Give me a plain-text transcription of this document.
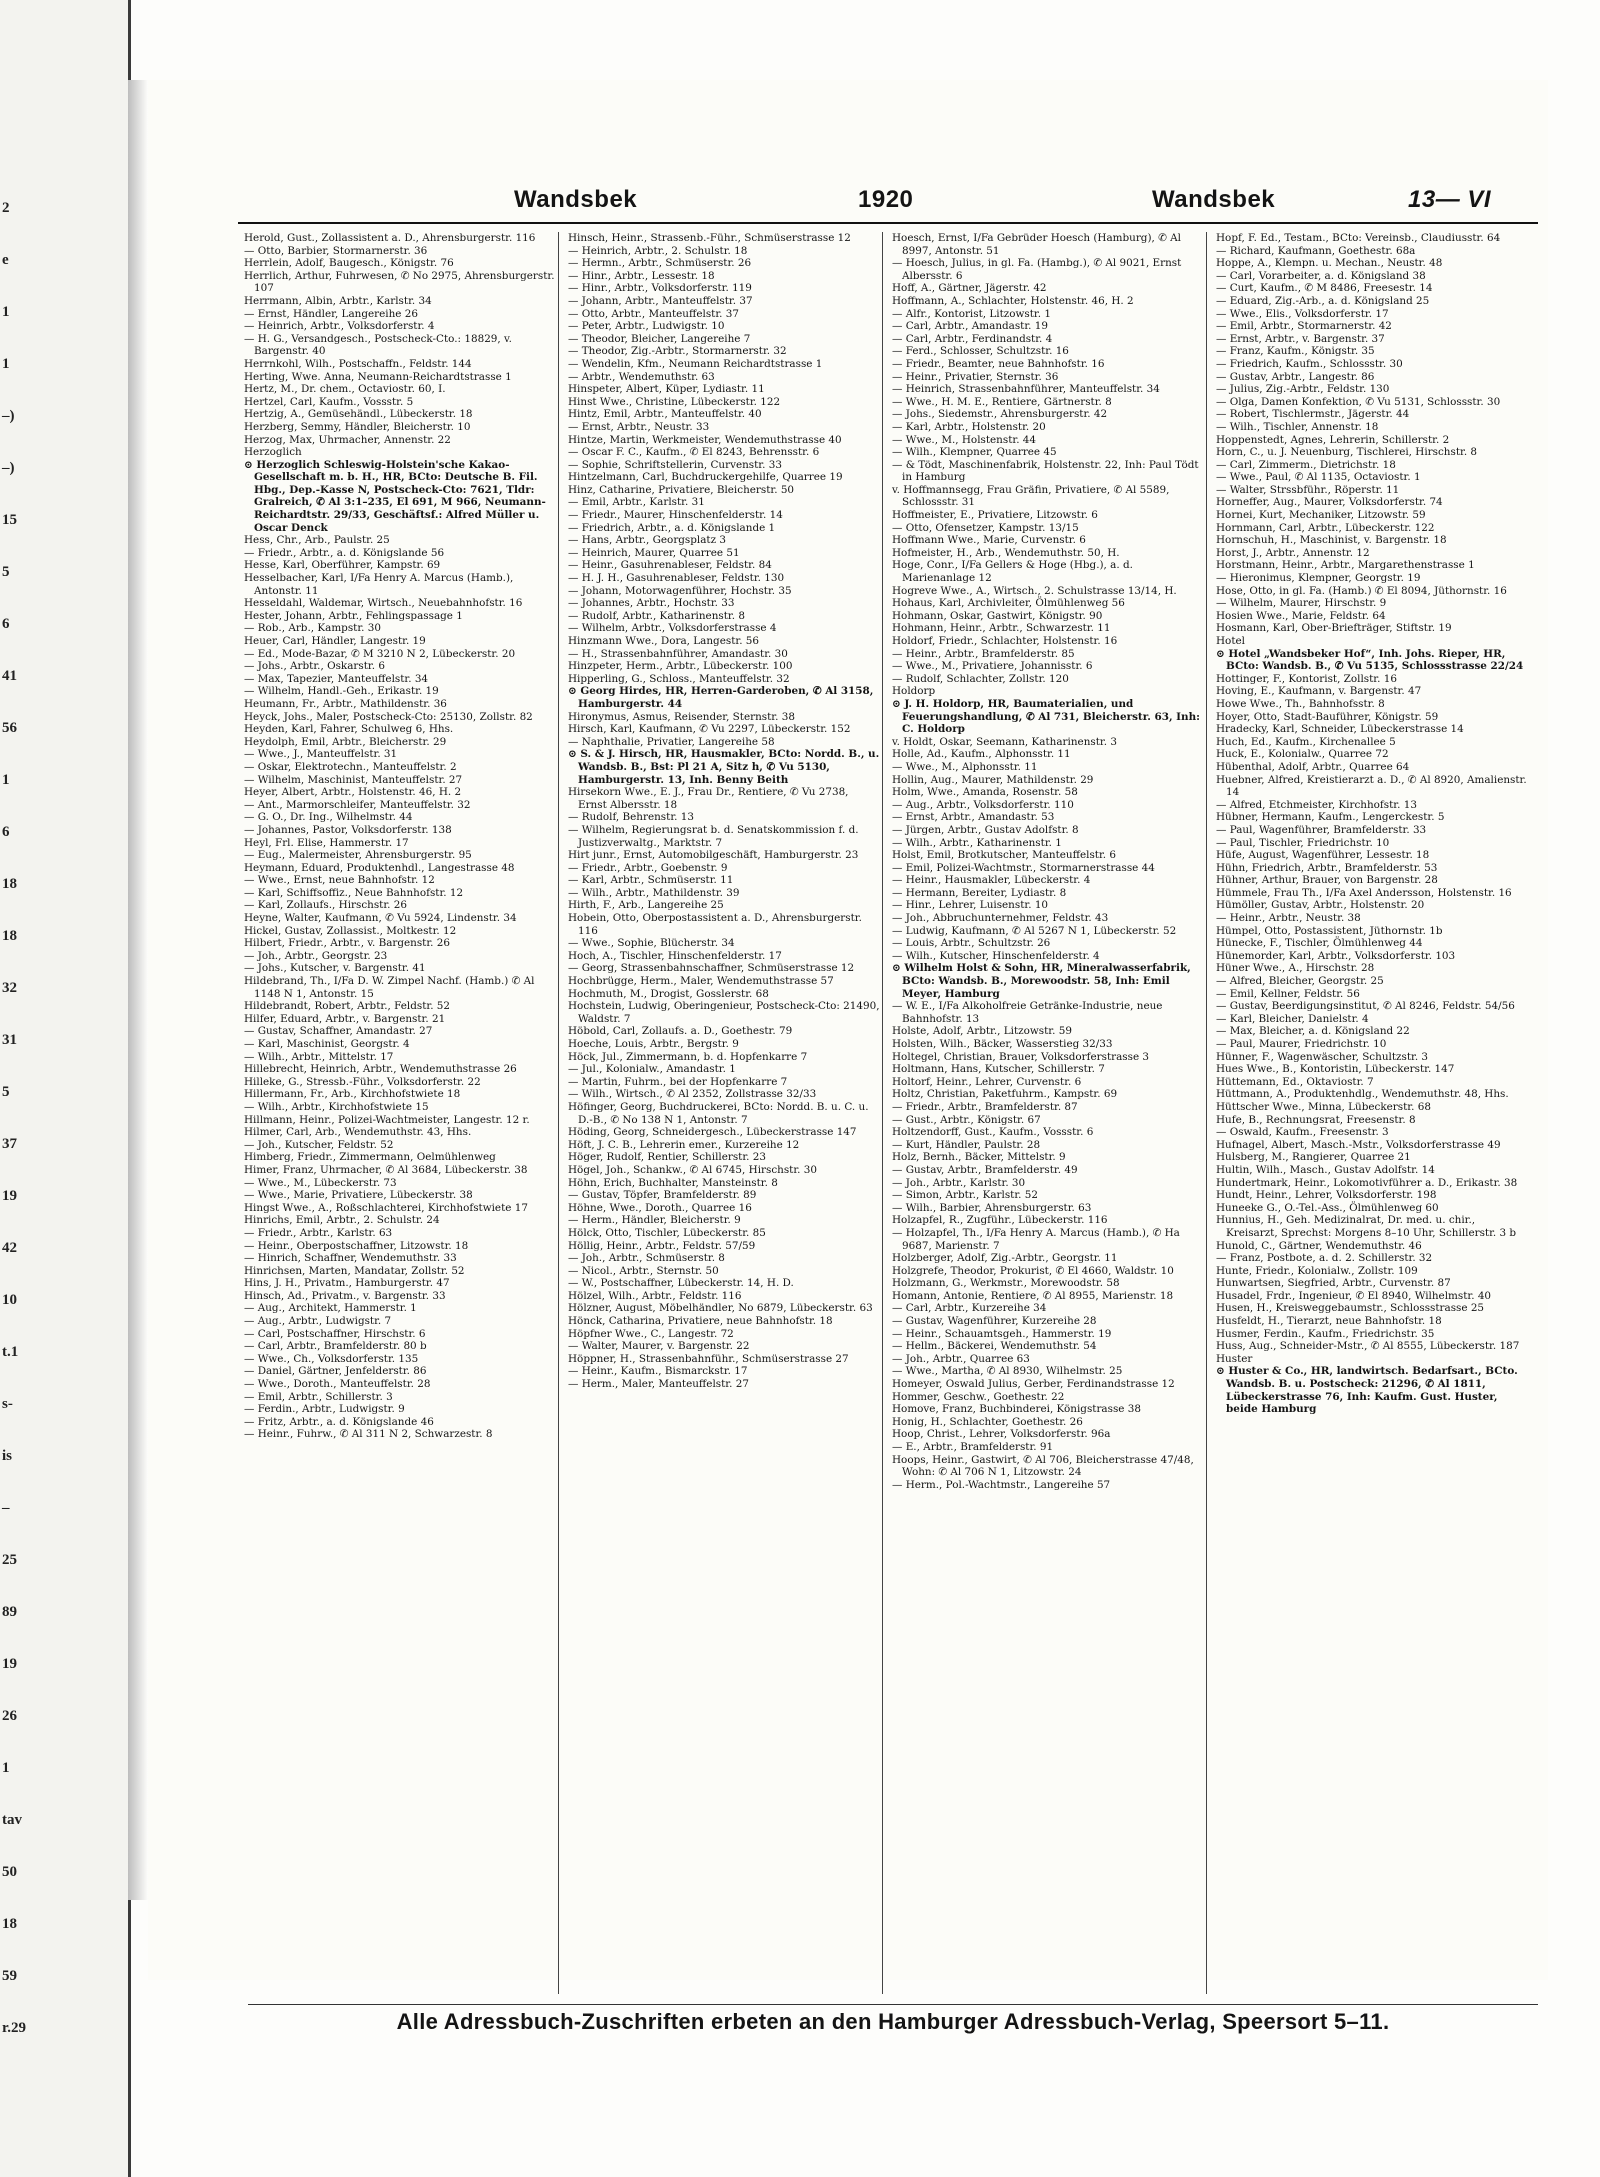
2
e
1
1
–)
–)
15
5
6
41
56
1
6
18
18
32
31
5
37
19
42
10
t.1
s-
is
–
25
89
19
26
1
tav
50
18
59
r.29
Wandsbek	1920	Wandsbek	13— VI
Herold, Gust., Zollassistent a. D., Ahrensburgerstr. 116
— Otto, Barbier, Stormarnerstr. 36
Herrlein, Adolf, Baugesch., Königstr. 76
Herrlich, Arthur, Fuhrwesen, ✆ No 2975, Ahrensburgerstr. 107
Herrmann, Albin, Arbtr., Karlstr. 34
— Ernst, Händler, Langereihe 26
— Heinrich, Arbtr., Volksdorferstr. 4
— H. G., Versandgesch., Postscheck-Cto.: 18829, v. Bargenstr. 40
Herrnkohl, Wilh., Postschaffn., Feldstr. 144
Herting, Wwe. Anna, Neumann-Reichardtstrasse 1
Hertz, M., Dr. chem., Octaviostr. 60, I.
Hertzel, Carl, Kaufm., Vossstr. 5
Hertzig, A., Gemüsehändl., Lübeckerstr. 18
Herzberg, Semmy, Händler, Bleicherstr. 10
Herzog, Max, Uhrmacher, Annenstr. 22
Herzoglich
⊙ Herzoglich Schleswig-Holstein'sche Kakao-Gesellschaft m. b. H., HR, BCto: Deutsche B. Fil. Hbg., Dep.-Kasse N, Postscheck-Cto: 7621, Tldr: Gralreich, ✆ Al 3:1–235, El 691, M 966, Neumann-Reichardtstr. 29/33, Geschäftsf.: Alfred Müller u. Oscar Denck
Hess, Chr., Arb., Paulstr. 25
— Friedr., Arbtr., a. d. Königslande 56
Hesse, Karl, Oberführer, Kampstr. 69
Hesselbacher, Karl, I/Fa Henry A. Marcus (Hamb.), Antonstr. 11
Hesseldahl, Waldemar, Wirtsch., Neuebahnhofstr. 16
Hester, Johann, Arbtr., Fehlingspassage 1
— Rob., Arb., Kampstr. 30
Heuer, Carl, Händler, Langestr. 19
— Ed., Mode-Bazar, ✆ M 3210 N 2, Lübeckerstr. 20
— Johs., Arbtr., Oskarstr. 6
— Max, Tapezier, Manteuffelstr. 34
— Wilhelm, Handl.-Geh., Erikastr. 19
Heumann, Fr., Arbtr., Mathildenstr. 36
Heyck, Johs., Maler, Postscheck-Cto: 25130, Zollstr. 82
Heyden, Karl, Fahrer, Schulweg 6, Hhs.
Heydolph, Emil, Arbtr., Bleicherstr. 29
— Wwe., J., Manteuffelstr. 31
— Oskar, Elektrotechn., Manteuffelstr. 2
— Wilhelm, Maschinist, Manteuffelstr. 27
Heyer, Albert, Arbtr., Holstenstr. 46, H. 2
— Ant., Marmorschleifer, Manteuffelstr. 32
— G. O., Dr. Ing., Wilhelmstr. 44
— Johannes, Pastor, Volksdorferstr. 138
Heyl, Frl. Elise, Hammerstr. 17
— Eug., Malermeister, Ahrensburgerstr. 95
Heymann, Eduard, Produktenhdl., Langestrasse 48
— Wwe., Ernst, neue Bahnhofstr. 12
— Karl, Schiffsoffiz., Neue Bahnhofstr. 12
— Karl, Zollaufs., Hirschstr. 26
Heyne, Walter, Kaufmann, ✆ Vu 5924, Lindenstr. 34
Hickel, Gustav, Zollassist., Moltkestr. 12
Hilbert, Friedr., Arbtr., v. Bargenstr. 26
— Joh., Arbtr., Georgstr. 23
— Johs., Kutscher, v. Bargenstr. 41
Hildebrand, Th., I/Fa D. W. Zimpel Nachf. (Hamb.) ✆ Al 1148 N 1, Antonstr. 15
Hildebrandt, Robert, Arbtr., Feldstr. 52
Hilfer, Eduard, Arbtr., v. Bargenstr. 21
— Gustav, Schaffner, Amandastr. 27
— Karl, Maschinist, Georgstr. 4
— Wilh., Arbtr., Mittelstr. 17
Hillebrecht, Heinrich, Arbtr., Wendemuthstrasse 26
Hilleke, G., Stressb.-Führ., Volksdorferstr. 22
Hillermann, Fr., Arb., Kirchhofstwiete 18
— Wilh., Arbtr., Kirchhofstwiete 15
Hillmann, Heinr., Polizei-Wachtmeister, Langestr. 12 r.
Hilmer, Carl, Arb., Wendemuthstr. 43, Hhs.
— Joh., Kutscher, Feldstr. 52
Himberg, Friedr., Zimmermann, Oelmühlenweg
Himer, Franz, Uhrmacher, ✆ Al 3684, Lübeckerstr. 38
— Wwe., M., Lübeckerstr. 73
— Wwe., Marie, Privatiere, Lübeckerstr. 38
Hingst Wwe., A., Roßschlachterei, Kirchhofstwiete 17
Hinrichs, Emil, Arbtr., 2. Schulstr. 24
— Friedr., Arbtr., Karlstr. 63
— Heinr., Oberpostschaffner, Litzowstr. 18
— Hinrich, Schaffner, Wendemuthstr. 33
Hinrichsen, Marten, Mandatar, Zollstr. 52
Hins, J. H., Privatm., Hamburgerstr. 47
Hinsch, Ad., Privatm., v. Bargenstr. 33
— Aug., Architekt, Hammerstr. 1
— Aug., Arbtr., Ludwigstr. 7
— Carl, Postschaffner, Hirschstr. 6
— Carl, Arbtr., Bramfelderstr. 80 b
— Wwe., Ch., Volksdorferstr. 135
— Daniel, Gärtner, Jenfelderstr. 86
— Wwe., Doroth., Manteuffelstr. 28
— Emil, Arbtr., Schillerstr. 3
— Ferdin., Arbtr., Ludwigstr. 9
— Fritz, Arbtr., a. d. Königslande 46
— Heinr., Fuhrw., ✆ Al 311 N 2, Schwarzestr. 8
Hinsch, Heinr., Strassenb.-Führ., Schmüserstrasse 12
— Heinrich, Arbtr., 2. Schulstr. 18
— Hermn., Arbtr., Schmüserstr. 26
— Hinr., Arbtr., Lessestr. 18
— Hinr., Arbtr., Volksdorferstr. 119
— Johann, Arbtr., Manteuffelstr. 37
— Otto, Arbtr., Manteuffelstr. 37
— Peter, Arbtr., Ludwigstr. 10
— Theodor, Bleicher, Langereihe 7
— Theodor, Zig.-Arbtr., Stormarnerstr. 32
— Wendelin, Kfm., Neumann Reichardtstrasse 1
— Arbtr., Wendemuthstr. 63
Hinspeter, Albert, Küper, Lydiastr. 11
Hinst Wwe., Christine, Lübeckerstr. 122
Hintz, Emil, Arbtr., Manteuffelstr. 40
— Ernst, Arbtr., Neustr. 33
Hintze, Martin, Werkmeister, Wendemuthstrasse 40
— Oscar F. C., Kaufm., ✆ El 8243, Behrensstr. 6
— Sophie, Schriftstellerin, Curvenstr. 33
Hintzelmann, Carl, Buchdruckergehilfe, Quarree 19
Hinz, Catharine, Privatiere, Bleicherstr. 50
— Emil, Arbtr., Karlstr. 31
— Friedr., Maurer, Hinschenfelderstr. 14
— Friedrich, Arbtr., a. d. Königslande 1
— Hans, Arbtr., Georgsplatz 3
— Heinrich, Maurer, Quarree 51
— Heinr., Gasuhrenableser, Feldstr. 84
— H. J. H., Gasuhrenableser, Feldstr. 130
— Johann, Motorwagenführer, Hochstr. 35
— Johannes, Arbtr., Hochstr. 33
— Rudolf, Arbtr., Katharinenstr. 8
— Wilhelm, Arbtr., Volksdorferstrasse 4
Hinzmann Wwe., Dora, Langestr. 56
— H., Strassenbahnführer, Amandastr. 30
Hinzpeter, Herm., Arbtr., Lübeckerstr. 100
Hipperling, G., Schloss., Manteuffelstr. 32
⊙ Georg Hirdes, HR, Herren-Garderoben, ✆ Al 3158, Hamburgerstr. 44
Hironymus, Asmus, Reisender, Sternstr. 38
Hirsch, Karl, Kaufmann, ✆ Vu 2297, Lübeckerstr. 152
— Naphthalie, Privatier, Langereihe 58
⊙ S. & J. Hirsch, HR, Hausmakler, BCto: Nordd. B., u. Wandsb. B., Bst: Pl 21 A, Sitz h, ✆ Vu 5130, Hamburgerstr. 13, Inh. Benny Beith
Hirsekorn Wwe., E. J., Frau Dr., Rentiere, ✆ Vu 2738, Ernst Albersstr. 18
— Rudolf, Behrenstr. 13
— Wilhelm, Regierungsrat b. d. Senatskommission f. d. Justizverwaltg., Marktstr. 7
Hirt junr., Ernst, Automobilgeschäft, Hamburgerstr. 23
— Friedr., Arbtr., Goebenstr. 9
— Karl, Arbtr., Schmüserstr. 11
— Wilh., Arbtr., Mathildenstr. 39
Hirth, F., Arb., Langereihe 25
Hobein, Otto, Oberpostassistent a. D., Ahrensburgerstr. 116
— Wwe., Sophie, Blücherstr. 34
Hoch, A., Tischler, Hinschenfelderstr. 17
— Georg, Strassenbahnschaffner, Schmüserstrasse 12
Hochbrügge, Herm., Maler, Wendemuthstrasse 57
Hochmuth, M., Drogist, Gosslerstr. 68
Hochstein, Ludwig, Oberingenieur, Postscheck-Cto: 21490, Waldstr. 7
Höbold, Carl, Zollaufs. a. D., Goethestr. 79
Hoeche, Louis, Arbtr., Bergstr. 9
Höck, Jul., Zimmermann, b. d. Hopfenkarre 7
— Jul., Kolonialw., Amandastr. 1
— Martin, Fuhrm., bei der Hopfenkarre 7
— Wilh., Wirtsch., ✆ Al 2352, Zollstrasse 32/33
Höfinger, Georg, Buchdruckerei, BCto: Nordd. B. u. C. u. D.-B., ✆ No 138 N 1, Antonstr. 7
Höding, Georg, Schneidergesch., Lübeckerstrasse 147
Höft, J. C. B., Lehrerin emer., Kurzereihe 12
Höger, Rudolf, Rentier, Schillerstr. 23
Högel, Joh., Schankw., ✆ Al 6745, Hirschstr. 30
Höhn, Erich, Buchhalter, Mansteinstr. 8
— Gustav, Töpfer, Bramfelderstr. 89
Höhne, Wwe., Doroth., Quarree 16
— Herm., Händler, Bleicherstr. 9
Hölck, Otto, Tischler, Lübeckerstr. 85
Höllig, Heinr., Arbtr., Feldstr. 57/59
— Joh., Arbtr., Schmüserstr. 8
— Nicol., Arbtr., Sternstr. 50
— W., Postschaffner, Lübeckerstr. 14, H. D.
Hölzel, Wilh., Arbtr., Feldstr. 116
Hölzner, August, Möbelhändler, No 6879, Lübeckerstr. 63
Hönck, Catharina, Privatiere, neue Bahnhofstr. 18
Höpfner Wwe., C., Langestr. 72
— Walter, Maurer, v. Bargenstr. 22
Höppner, H., Strassenbahnführ., Schmüserstrasse 27
— Heinr., Kaufm., Bismarckstr. 17
— Herm., Maler, Manteuffelstr. 27
Hoesch, Ernst, I/Fa Gebrüder Hoesch (Hamburg), ✆ Al 8997, Antonstr. 51
— Hoesch, Julius, in gl. Fa. (Hambg.), ✆ Al 9021, Ernst Albersstr. 6
Hoff, A., Gärtner, Jägerstr. 42
Hoffmann, A., Schlachter, Holstenstr. 46, H. 2
— Alfr., Kontorist, Litzowstr. 1
— Carl, Arbtr., Amandastr. 19
— Carl, Arbtr., Ferdinandstr. 4
— Ferd., Schlosser, Schultzstr. 16
— Friedr., Beamter, neue Bahnhofstr. 16
— Heinr., Privatier, Sternstr. 36
— Heinrich, Strassenbahnführer, Manteuffelstr. 34
— Wwe., H. M. E., Rentiere, Gärtnerstr. 8
— Johs., Siedemstr., Ahrensburgerstr. 42
— Karl, Arbtr., Holstenstr. 20
— Wwe., M., Holstenstr. 44
— Wilh., Klempner, Quarree 45
— & Tödt, Maschinenfabrik, Holstenstr. 22, Inh: Paul Tödt in Hamburg
v. Hoffmannsegg, Frau Gräfin, Privatiere, ✆ Al 5589, Schlossstr. 31
Hoffmeister, E., Privatiere, Litzowstr. 6
— Otto, Ofensetzer, Kampstr. 13/15
Hoffmann Wwe., Marie, Curvenstr. 6
Hofmeister, H., Arb., Wendemuthstr. 50, H.
Hoge, Conr., I/Fa Gellers & Hoge (Hbg.), a. d. Marienanlage 12
Hogreve Wwe., A., Wirtsch., 2. Schulstrasse 13/14, H.
Hohaus, Karl, Archivleiter, Ölmühlenweg 56
Hohmann, Oskar, Gastwirt, Königstr. 90
Hohmann, Heinr., Arbtr., Schwarzestr. 11
Holdorf, Friedr., Schlachter, Holstenstr. 16
— Heinr., Arbtr., Bramfelderstr. 85
— Wwe., M., Privatiere, Johannisstr. 6
— Rudolf, Schlachter, Zollstr. 120
Holdorp
⊙ J. H. Holdorp, HR, Baumaterialien, und Feuerungshandlung, ✆ Al 731, Bleicherstr. 63, Inh: C. Holdorp
v. Holdt, Oskar, Seemann, Katharinenstr. 3
Holle, Ad., Kaufm., Alphonsstr. 11
— Wwe., M., Alphonsstr. 11
Hollin, Aug., Maurer, Mathildenstr. 29
Holm, Wwe., Amanda, Rosenstr. 58
— Aug., Arbtr., Volksdorferstr. 110
— Ernst, Arbtr., Amandastr. 53
— Jürgen, Arbtr., Gustav Adolfstr. 8
— Wilh., Arbtr., Katharinenstr. 1
Holst, Emil, Brotkutscher, Manteuffelstr. 6
— Emil, Polizei-Wachtmstr., Stormarnerstrasse 44
— Heinr., Hausmakler, Lübeckerstr. 4
— Hermann, Bereiter, Lydiastr. 8
— Hinr., Lehrer, Luisenstr. 10
— Joh., Abbruchunternehmer, Feldstr. 43
— Ludwig, Kaufmann, ✆ Al 5267 N 1, Lübeckerstr. 52
— Louis, Arbtr., Schultzstr. 26
— Wilh., Kutscher, Hinschenfelderstr. 4
⊙ Wilhelm Holst & Sohn, HR, Mineralwasserfabrik, BCto: Wandsb. B., Morewoodstr. 58, Inh: Emil Meyer, Hamburg
— W. E., I/Fa Alkoholfreie Getränke-Industrie, neue Bahnhofstr. 13
Holste, Adolf, Arbtr., Litzowstr. 59
Holsten, Wilh., Bäcker, Wasserstieg 32/33
Holtegel, Christian, Brauer, Volksdorferstrasse 3
Holtmann, Hans, Kutscher, Schillerstr. 7
Holtorf, Heinr., Lehrer, Curvenstr. 6
Holtz, Christian, Paketfuhrm., Kampstr. 69
— Friedr., Arbtr., Bramfelderstr. 87
— Gust., Arbtr., Königstr. 67
Holtzendorff, Gust., Kaufm., Vossstr. 6
— Kurt, Händler, Paulstr. 28
Holz, Bernh., Bäcker, Mittelstr. 9
— Gustav, Arbtr., Bramfelderstr. 49
— Joh., Arbtr., Karlstr. 30
— Simon, Arbtr., Karlstr. 52
— Wilh., Barbier, Ahrensburgerstr. 63
Holzapfel, R., Zugführ., Lübeckerstr. 116
— Holzapfel, Th., I/Fa Henry A. Marcus (Hamb.), ✆ Ha 9687, Marienstr. 7
Holzberger, Adolf, Zig.-Arbtr., Georgstr. 11
Holzgrefe, Theodor, Prokurist, ✆ El 4660, Waldstr. 10
Holzmann, G., Werkmstr., Morewoodstr. 58
Homann, Antonie, Rentiere, ✆ Al 8955, Marienstr. 18
— Carl, Arbtr., Kurzereihe 34
— Gustav, Wagenführer, Kurzereihe 28
— Heinr., Schauamtsgeh., Hammerstr. 19
— Hellm., Bäckerei, Wendemuthstr. 54
— Joh., Arbtr., Quarree 63
— Wwe., Martha, ✆ Al 8930, Wilhelmstr. 25
Homeyer, Oswald Julius, Gerber, Ferdinandstrasse 12
Hommer, Geschw., Goethestr. 22
Homove, Franz, Buchbinderei, Königstrasse 38
Honig, H., Schlachter, Goethestr. 26
Hoop, Christ., Lehrer, Volksdorferstr. 96a
— E., Arbtr., Bramfelderstr. 91
Hoops, Heinr., Gastwirt, ✆ Al 706, Bleicherstrasse 47/48, Wohn: ✆ Al 706 N 1, Litzowstr. 24
— Herm., Pol.-Wachtmstr., Langereihe 57
Hopf, F. Ed., Testam., BCto: Vereinsb., Claudiusstr. 64
— Richard, Kaufmann, Goethestr. 68a
Hoppe, A., Klempn. u. Mechan., Neustr. 48
— Carl, Vorarbeiter, a. d. Königsland 38
— Curt, Kaufm., ✆ M 8486, Freesestr. 14
— Eduard, Zig.-Arb., a. d. Königsland 25
— Wwe., Elis., Volksdorferstr. 17
— Emil, Arbtr., Stormarnerstr. 42
— Ernst, Arbtr., v. Bargenstr. 37
— Franz, Kaufm., Königstr. 35
— Friedrich, Kaufm., Schlossstr. 30
— Gustav, Arbtr., Langestr. 86
— Julius, Zig.-Arbtr., Feldstr. 130
— Olga, Damen Konfektion, ✆ Vu 5131, Schlossstr. 30
— Robert, Tischlermstr., Jägerstr. 44
— Wilh., Tischler, Annenstr. 18
Hoppenstedt, Agnes, Lehrerin, Schillerstr. 2
Horn, C., u. J. Neuenburg, Tischlerei, Hirschstr. 8
— Carl, Zimmerm., Dietrichstr. 18
— Wwe., Paul, ✆ Al 1135, Octaviostr. 1
— Walter, Strssbführ., Röperstr. 11
Horneffer, Aug., Maurer, Volksdorferstr. 74
Hornei, Kurt, Mechaniker, Litzowstr. 59
Hornmann, Carl, Arbtr., Lübeckerstr. 122
Hornschuh, H., Maschinist, v. Bargenstr. 18
Horst, J., Arbtr., Annenstr. 12
Horstmann, Heinr., Arbtr., Margarethenstrasse 1
— Hieronimus, Klempner, Georgstr. 19
Hose, Otto, in gl. Fa. (Hamb.) ✆ El 8094, Jüthornstr. 16
— Wilhelm, Maurer, Hirschstr. 9
Hosien Wwe., Marie, Feldstr. 64
Hosmann, Karl, Ober-Briefträger, Stiftstr. 19
Hotel
⊙ Hotel „Wandsbeker Hof“, Inh. Johs. Rieper, HR, BCto: Wandsb. B., ✆ Vu 5135, Schlossstrasse 22/24
Hottinger, F., Kontorist, Zollstr. 16
Hoving, E., Kaufmann, v. Bargenstr. 47
Howe Wwe., Th., Bahnhofsstr. 8
Hoyer, Otto, Stadt-Bauführer, Königstr. 59
Hradecky, Karl, Schneider, Lübeckerstrasse 14
Huch, Ed., Kaufm., Kirchenallee 5
Huck, E., Kolonialw., Quarree 72
Hübenthal, Adolf, Arbtr., Quarree 64
Huebner, Alfred, Kreistierarzt a. D., ✆ Al 8920, Amalienstr. 14
— Alfred, Etchmeister, Kirchhofstr. 13
Hübner, Hermann, Kaufm., Lengerckestr. 5
— Paul, Wagenführer, Bramfelderstr. 33
— Paul, Tischler, Friedrichstr. 10
Hüfe, August, Wagenführer, Lessestr. 18
Hühn, Friedrich, Arbtr., Bramfelderstr. 53
Hühner, Arthur, Brauer, von Bargenstr. 28
Hümmele, Frau Th., I/Fa Axel Andersson, Holstenstr. 16
Hümöller, Gustav, Arbtr., Holstenstr. 20
— Heinr., Arbtr., Neustr. 38
Hümpel, Otto, Postassistent, Jüthornstr. 1b
Hünecke, F., Tischler, Ölmühlenweg 44
Hünemorder, Karl, Arbtr., Volksdorferstr. 103
Hüner Wwe., A., Hirschstr. 28
— Alfred, Bleicher, Georgstr. 25
— Emil, Kellner, Feldstr. 56
— Gustav, Beerdigungsinstitut, ✆ Al 8246, Feldstr. 54/56
— Karl, Bleicher, Danielstr. 4
— Max, Bleicher, a. d. Königsland 22
— Paul, Maurer, Friedrichstr. 10
Hünner, F., Wagenwäscher, Schultzstr. 3
Hues Wwe., B., Kontoristin, Lübeckerstr. 147
Hüttemann, Ed., Oktaviostr. 7
Hüttmann, A., Produktenhdlg., Wendemuthstr. 48, Hhs.
Hüttscher Wwe., Minna, Lübeckerstr. 68
Hufe, B., Rechnungsrat, Freesenstr. 8
— Oswald, Kaufm., Freesenstr. 3
Hufnagel, Albert, Masch.-Mstr., Volksdorferstrasse 49
Hulsberg, M., Rangierer, Quarree 21
Hultin, Wilh., Masch., Gustav Adolfstr. 14
Hundertmark, Heinr., Lokomotivführer a. D., Erikastr. 38
Hundt, Heinr., Lehrer, Volksdorferstr. 198
Huneeke G., O.-Tel.-Ass., Ölmühlenweg 60
Hunnius, H., Geh. Medizinalrat, Dr. med. u. chir., Kreisarzt, Sprechst: Morgens 8–10 Uhr, Schillerstr. 3 b
Hunold, C., Gärtner, Wendemuthstr. 46
— Franz, Postbote, a. d. 2. Schillerstr. 32
Hunte, Friedr., Kolonialw., Zollstr. 109
Hunwartsen, Siegfried, Arbtr., Curvenstr. 87
Husadel, Frdr., Ingenieur, ✆ El 8940, Wilhelmstr. 40
Husen, H., Kreisweggebaumstr., Schlossstrasse 25
Husfeldt, H., Tierarzt, neue Bahnhofstr. 18
Husmer, Ferdin., Kaufm., Friedrichstr. 35
Huss, Aug., Schneider-Mstr., ✆ Al 8555, Lübeckerstr. 187
Huster
⊙ Huster & Co., HR, landwirtsch. Bedarfsart., BCto. Wandsb. B. u. Postscheck: 21296, ✆ Al 1811, Lübeckerstrasse 76, Inh: Kaufm. Gust. Huster, beide Hamburg
Alle Adressbuch-Zuschriften erbeten an den Hamburger Adressbuch-Verlag, Speersort 5–11.
